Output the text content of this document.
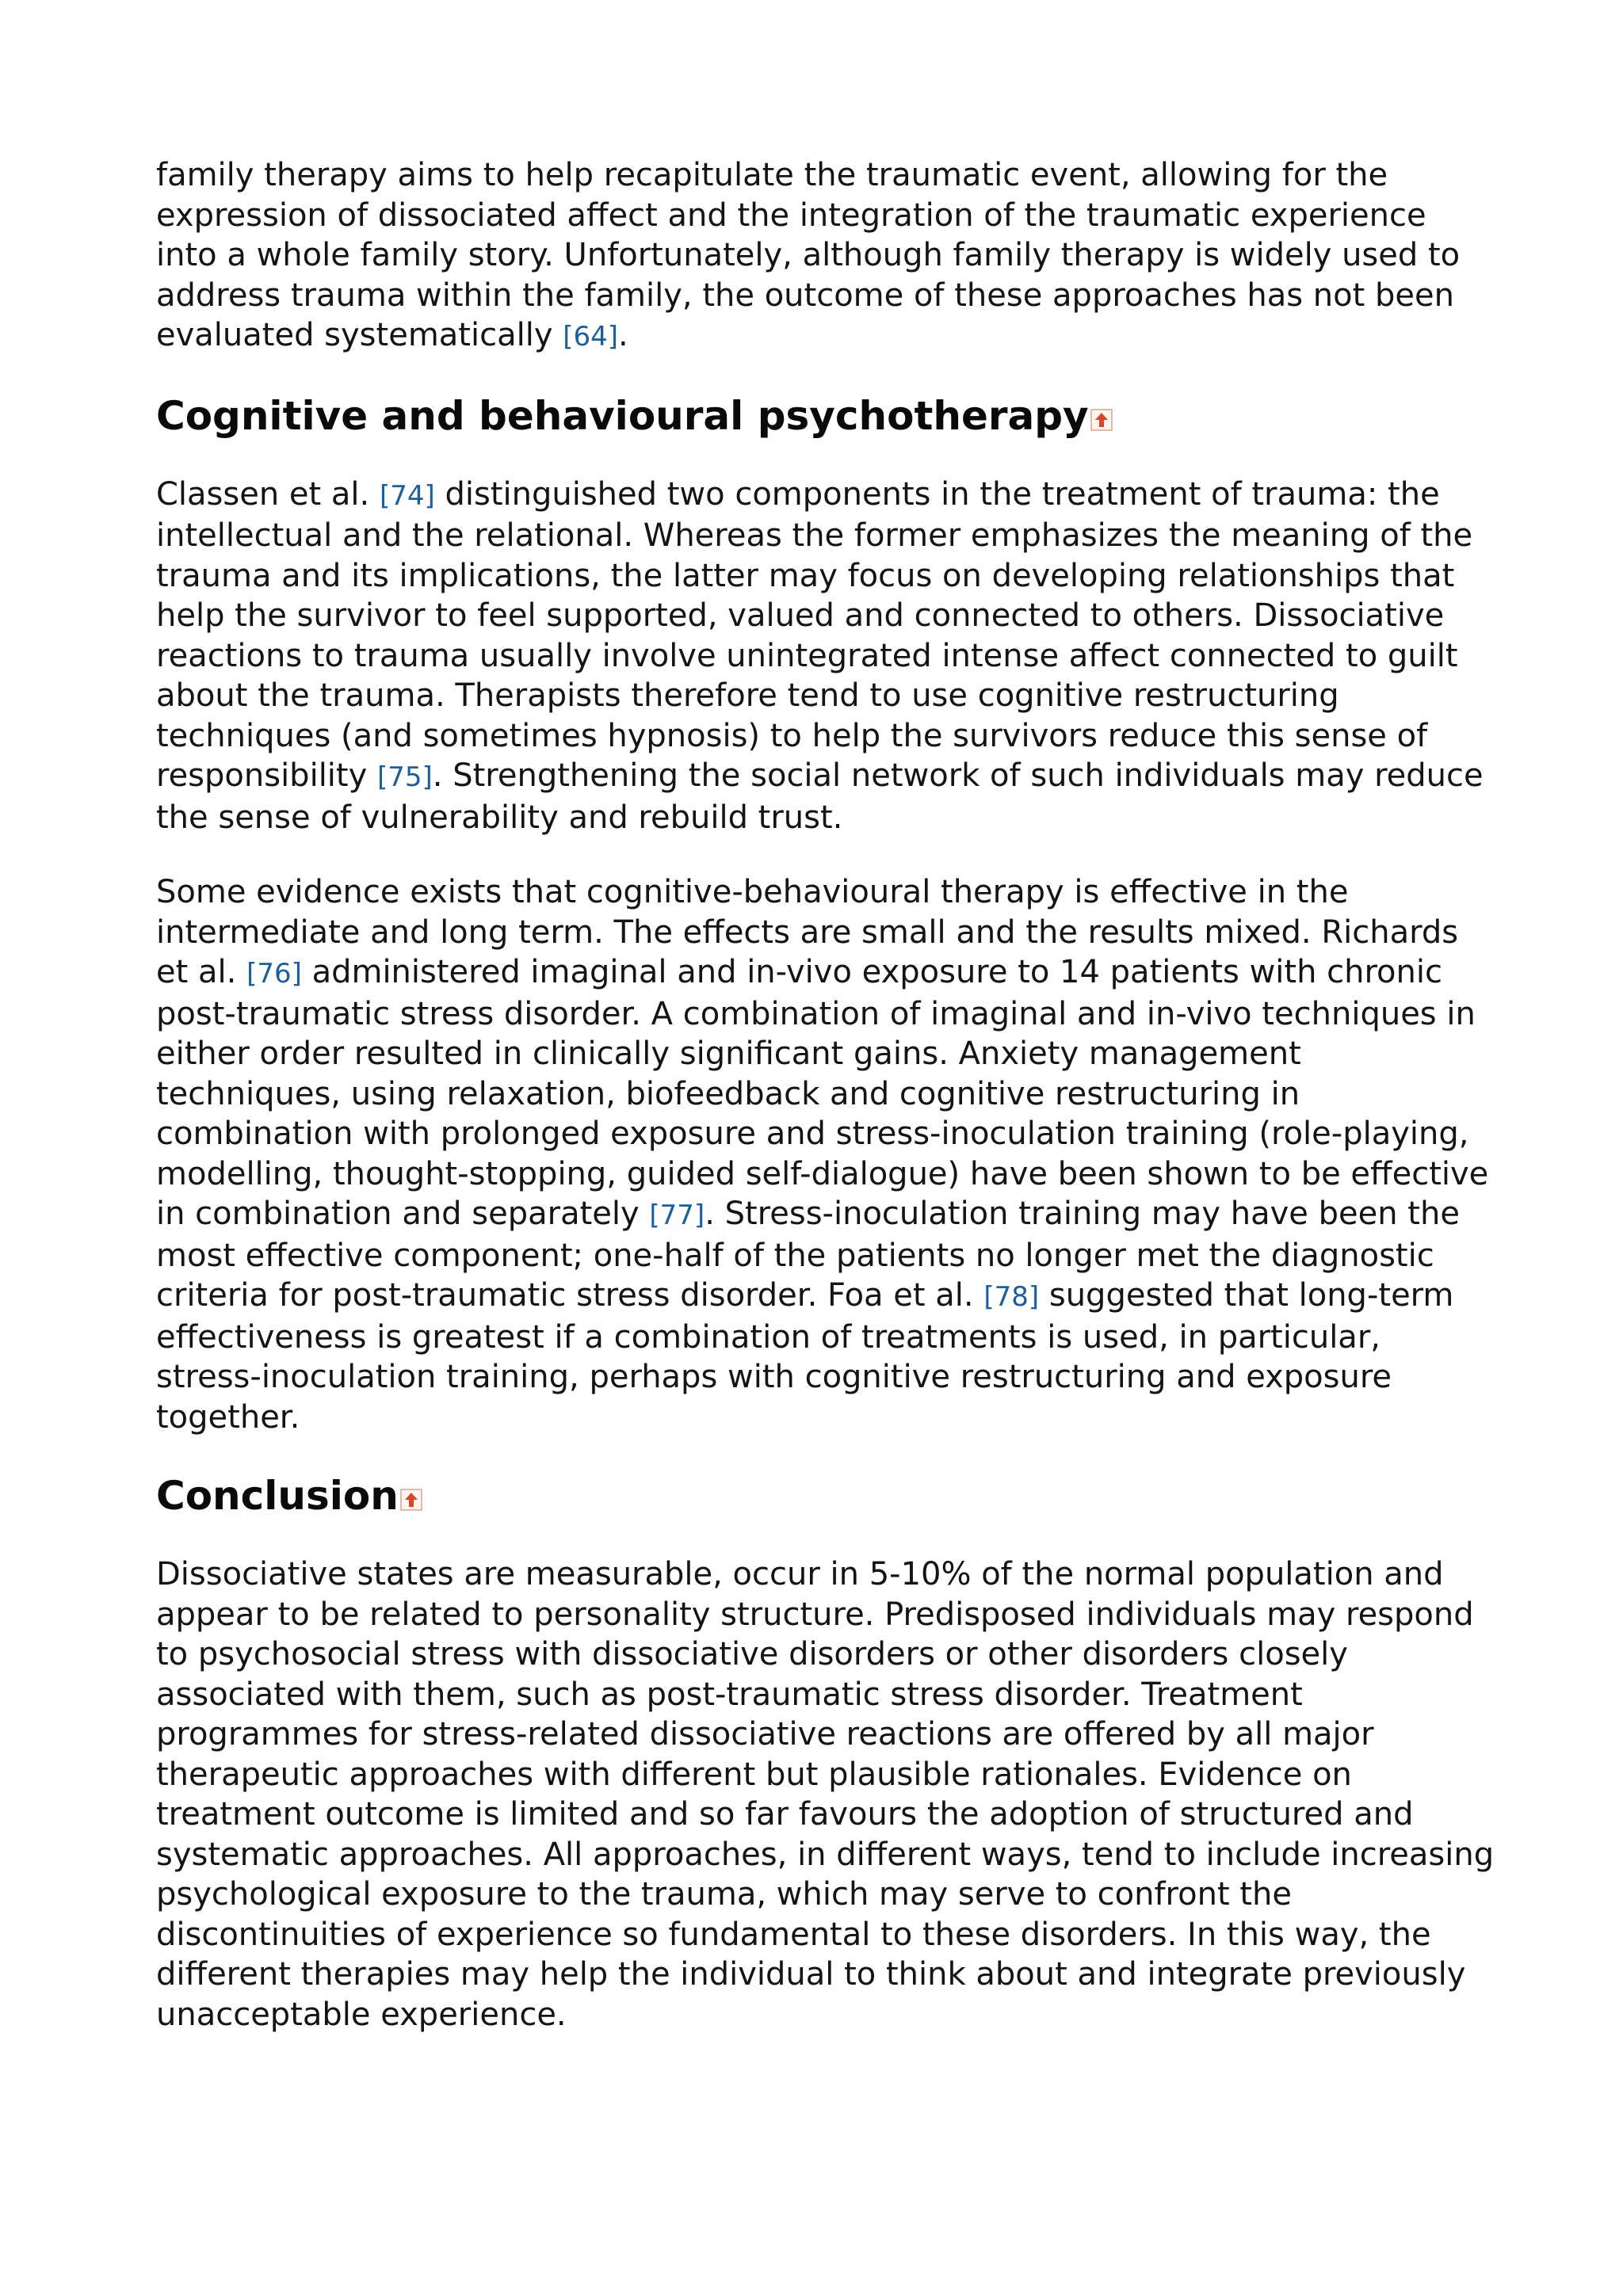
family therapy aims to help recapitulate the traumatic event, allowing for the expression of dissociated affect and the integration of the traumatic experience into a whole family story. Unfortunately, although family therapy is widely used to address trauma within the family, the outcome of these approaches has not been evaluated systematically [64].

Cognitive and behavioural psychotherapy

Classen et al. [74] distinguished two components in the treatment of trauma: the intellectual and the relational. Whereas the former emphasizes the meaning of the trauma and its implications, the latter may focus on developing relationships that help the survivor to feel supported, valued and connected to others. Dissociative reactions to trauma usually involve unintegrated intense affect connected to guilt about the trauma. Therapists therefore tend to use cognitive restructuring techniques (and sometimes hypnosis) to help the survivors reduce this sense of responsibility [75]. Strengthening the social network of such individuals may reduce the sense of vulnerability and rebuild trust.

Some evidence exists that cognitive-behavioural therapy is effective in the intermediate and long term. The effects are small and the results mixed. Richards et al. [76] administered imaginal and in-vivo exposure to 14 patients with chronic post-traumatic stress disorder. A combination of imaginal and in-vivo techniques in either order resulted in clinically significant gains. Anxiety management techniques, using relaxation, biofeedback and cognitive restructuring in combination with prolonged exposure and stress-inoculation training (role-playing, modelling, thought-stopping, guided self-dialogue) have been shown to be effective in combination and separately [77]. Stress-inoculation training may have been the most effective component; one-half of the patients no longer met the diagnostic criteria for post-traumatic stress disorder. Foa et al. [78] suggested that long-term effectiveness is greatest if a combination of treatments is used, in particular, stress-inoculation training, perhaps with cognitive restructuring and exposure together.

Conclusion

Dissociative states are measurable, occur in 5-10% of the normal population and appear to be related to personality structure. Predisposed individuals may respond to psychosocial stress with dissociative disorders or other disorders closely associated with them, such as post-traumatic stress disorder. Treatment programmes for stress-related dissociative reactions are offered by all major therapeutic approaches with different but plausible rationales. Evidence on treatment outcome is limited and so far favours the adoption of structured and systematic approaches. All approaches, in different ways, tend to include increasing psychological exposure to the trauma, which may serve to confront the discontinuities of experience so fundamental to these disorders. In this way, the different therapies may help the individual to think about and integrate previously unacceptable experience.
